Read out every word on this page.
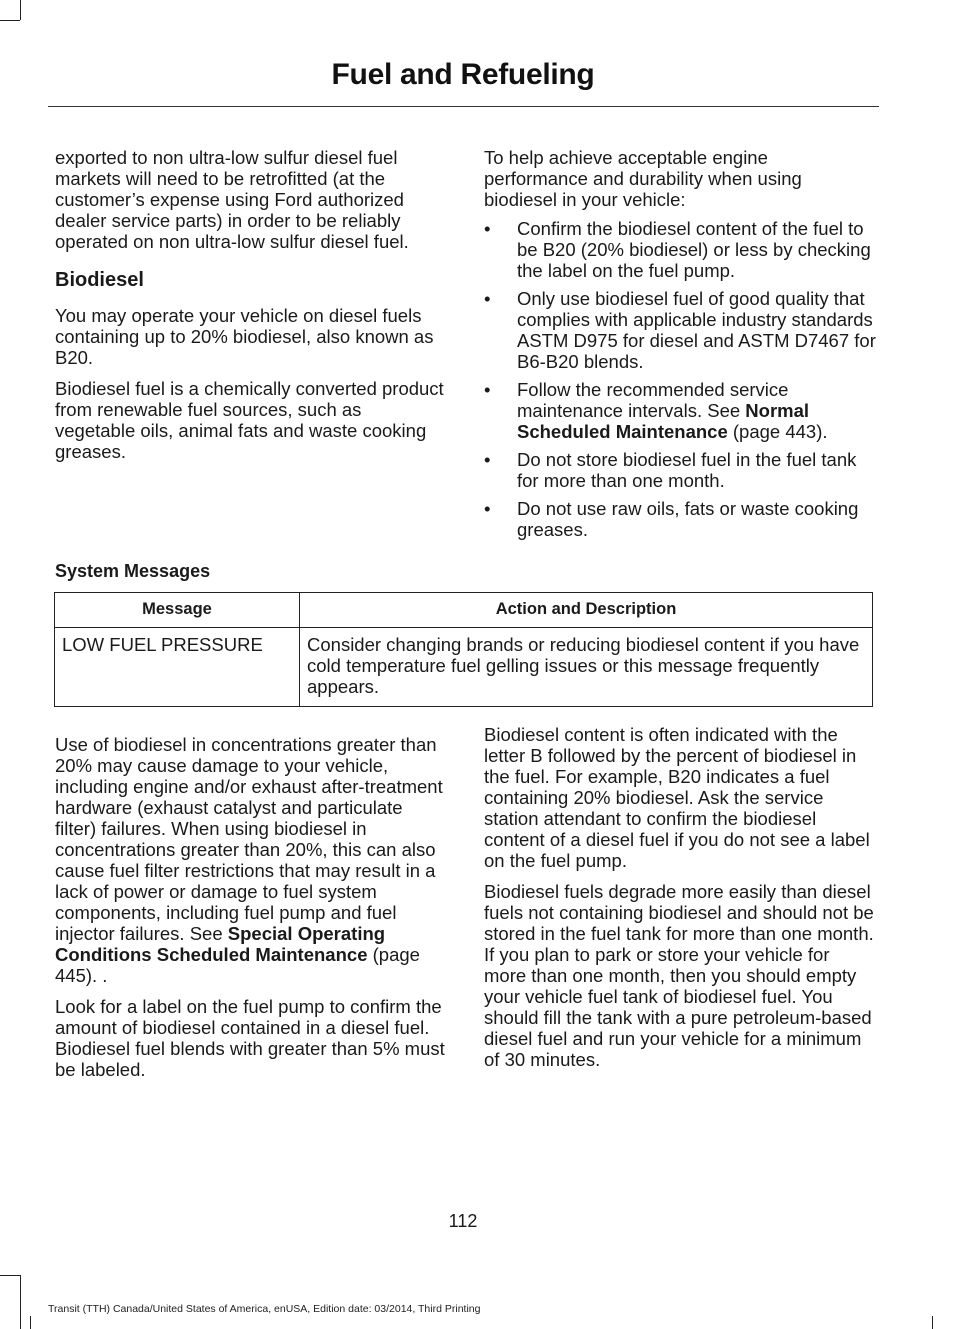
Fuel and Refueling

exported to non ultra-low sulfur diesel fuel markets will need to be retrofitted (at the customer’s expense using Ford authorized dealer service parts) in order to be reliably operated on non ultra-low sulfur diesel fuel.

Biodiesel

You may operate your vehicle on diesel fuels containing up to 20% biodiesel, also known as B20.

Biodiesel fuel is a chemically converted product from renewable fuel sources, such as vegetable oils, animal fats and waste cooking greases.

To help achieve acceptable engine performance and durability when using biodiesel in your vehicle:

• Confirm the biodiesel content of the fuel to be B20 (20% biodiesel) or less by checking the label on the fuel pump.
• Only use biodiesel fuel of good quality that complies with applicable industry standards ASTM D975 for diesel and ASTM D7467 for B6-B20 blends.
• Follow the recommended service maintenance intervals. See Normal Scheduled Maintenance (page 443).
• Do not store biodiesel fuel in the fuel tank for more than one month.
• Do not use raw oils, fats or waste cooking greases.
System Messages
Message	Action and Description
LOW FUEL PRESSURE	Consider changing brands or reducing biodiesel content if you have cold temperature fuel gelling issues or this message frequently appears.

Use of biodiesel in concentrations greater than 20% may cause damage to your vehicle, including engine and/or exhaust after-treatment hardware (exhaust catalyst and particulate filter) failures. When using biodiesel in concentrations greater than 20%, this can also cause fuel filter restrictions that may result in a lack of power or damage to fuel system components, including fuel pump and fuel injector failures. See Special Operating Conditions Scheduled Maintenance (page 445). .

Look for a label on the fuel pump to confirm the amount of biodiesel contained in a diesel fuel. Biodiesel fuel blends with greater than 5% must be labeled.

Biodiesel content is often indicated with the letter B followed by the percent of biodiesel in the fuel. For example, B20 indicates a fuel containing 20% biodiesel. Ask the service station attendant to confirm the biodiesel content of a diesel fuel if you do not see a label on the fuel pump.

Biodiesel fuels degrade more easily than diesel fuels not containing biodiesel and should not be stored in the fuel tank for more than one month. If you plan to park or store your vehicle for more than one month, then you should empty your vehicle fuel tank of biodiesel fuel. You should fill the tank with a pure petroleum-based diesel fuel and run your vehicle for a minimum of 30 minutes.

112
Transit (TTH) Canada/United States of America, enUSA, Edition date: 03/2014, Third Printing
